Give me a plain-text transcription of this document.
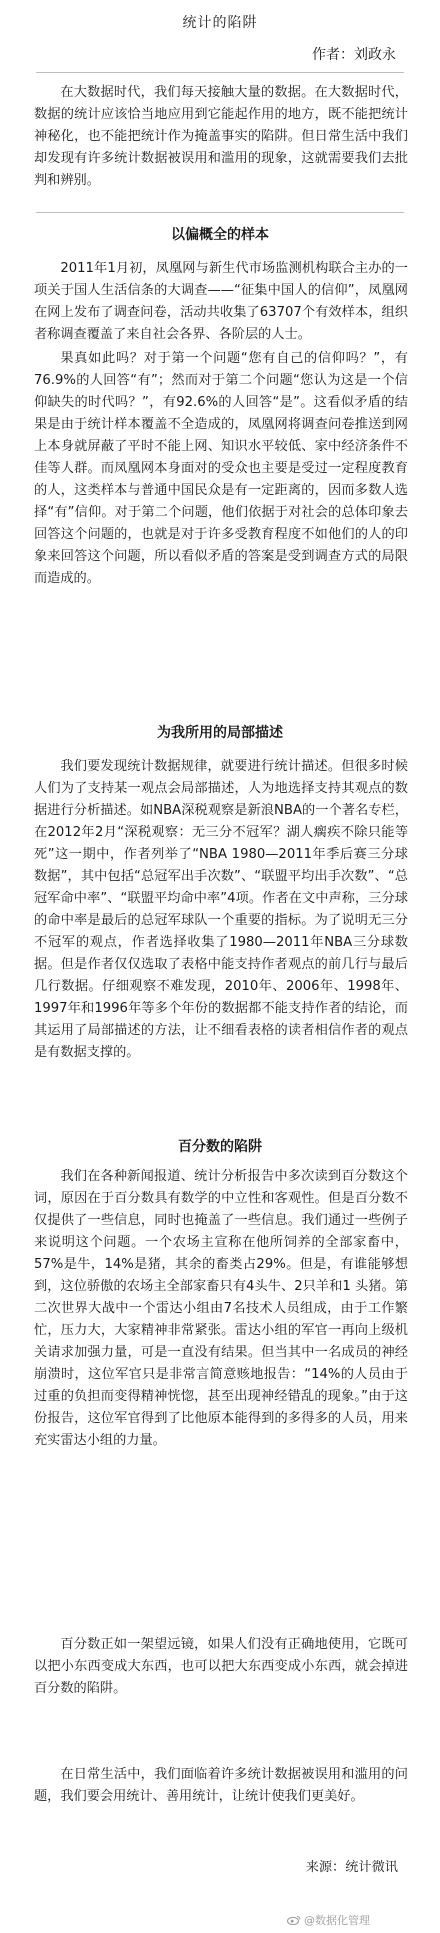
统计的陷阱
作者：刘政永

在大数据时代，我们每天接触大量的数据。在大数据时代，数据的统计应该恰当地应用到它能起作用的地方，既不能把统计神秘化，也不能把统计作为掩盖事实的陷阱。但日常生活中我们却发现有许多统计数据被误用和滥用的现象，这就需要我们去批判和辨别。

以偏概全的样本

2011年1月初，凤凰网与新生代市场监测机构联合主办的一项关于国人生活信条的大调查——“征集中国人的信仰”，凤凰网在网上发布了调查问卷，活动共收集了63707个有效样本，组织者称调查覆盖了来自社会各界、各阶层的人士。

果真如此吗？对于第一个问题“您有自己的信仰吗？”，有76.9%的人回答“有”；然而对于第二个问题“您认为这是一个信仰缺失的时代吗？”，有92.6%的人回答“是”。这看似矛盾的结果是由于统计样本覆盖不全造成的，凤凰网将调查问卷推送到网上本身就屏蔽了平时不能上网、知识水平较低、家中经济条件不佳等人群。而凤凰网本身面对的受众也主要是受过一定程度教育的人，这类样本与普通中国民众是有一定距离的，因而多数人选择“有”信仰。对于第二个问题，他们依据于对社会的总体印象去回答这个问题的，也就是对于许多受教育程度不如他们的人的印象来回答这个问题，所以看似矛盾的答案是受到调查方式的局限而造成的。

为我所用的局部描述

我们要发现统计数据规律，就要进行统计描述。但很多时候人们为了支持某一观点会局部描述，人为地选择支持其观点的数据进行分析描述。如NBA深税观察是新浪NBA的一个著名专栏，在2012年2月“深税观察：无三分不冠军？湖人瘸疾不除只能等死”这一期中，作者列举了“NBA 1980—2011年季后赛三分球数据”，其中包括“总冠军出手次数”、“联盟平均出手次数”、“总冠军命中率”、“联盟平均命中率”4项。作者在文中声称，三分球的命中率是最后的总冠军球队一个重要的指标。为了说明无三分不冠军的观点，作者选择收集了1980—2011年NBA三分球数据。但是作者仅仅选取了表格中能支持作者观点的前几行与最后几行数据。仔细观察不难发现，2010年、2006年、1998年、1997年和1996年等多个年份的数据都不能支持作者的结论，而其运用了局部描述的方法，让不细看表格的读者相信作者的观点是有数据支撑的。

百分数的陷阱

我们在各种新闻报道、统计分析报告中多次读到百分数这个词，原因在于百分数具有数学的中立性和客观性。但是百分数不仅提供了一些信息，同时也掩盖了一些信息。我们通过一些例子来说明这个问题。一个农场主宣称在他所饲养的全部家畜中，57%是牛，14%是猪，其余的畜类占29%。但是，有谁能够想到，这位骄傲的农场主全部家畜只有4头牛、2只羊和1 头猪。第二次世界大战中一个雷达小组由7名技术人员组成，由于工作繁忙，压力大，大家精神非常紧张。雷达小组的军官一再向上级机关请求加强力量，可是一直没有结果。但当其中一名成员的神经崩溃时，这位军官只是非常言简意赅地报告：“14%的人员由于过重的负担而变得精神恍惚，甚至出现神经错乱的现象。”由于这份报告，这位军官得到了比他原本能得到的多得多的人员，用来充实雷达小组的力量。

百分数正如一架望远镜，如果人们没有正确地使用，它既可以把小东西变成大东西，也可以把大东西变成小东西，就会掉进百分数的陷阱。

在日常生活中，我们面临着许多统计数据被误用和滥用的问题，我们要会用统计、善用统计，让统计使我们更美好。

来源：统计微讯
@数据化管理
